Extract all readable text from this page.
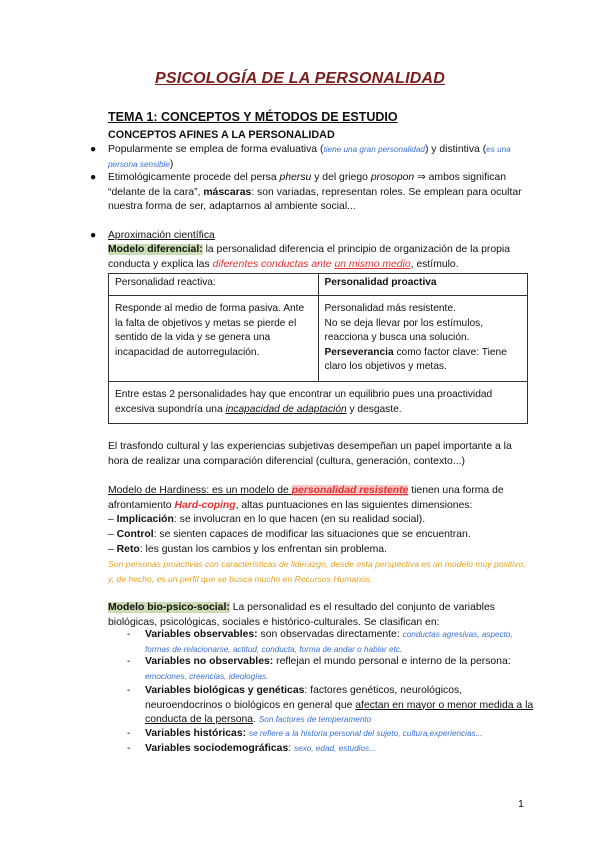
PSICOLOGÍA DE LA PERSONALIDAD
TEMA 1: CONCEPTOS Y MÉTODOS DE ESTUDIO
CONCEPTOS AFINES A LA PERSONALIDAD
●	Popularmente se emplea de forma evaluativa (tiene una gran personalidad) y distintiva (es una persona sensible)
●	Etimológicamente procede del persa phersu y del griego prosopon ⇒ ambos significan “delante de la cara”, máscaras: son variadas, representan roles. Se emplean para ocultar nuestra forma de ser, adaptarnos al ambiente social...
●	Aproximación científica
Modelo diferencial: la personalidad diferencia el principio de organización de la propia conducta y explica las diferentes conductas ante un mismo medio, estímulo.
Personalidad reactiva:	Personalidad proactiva
Responde al medio de forma pasiva. Ante la falta de objetivos y metas se pierde el sentido de la vida y se genera una incapacidad de autorregulación.	Personalidad más resistente.
No se deja llevar por los estímulos, reacciona y busca una solución.
Perseverancia como factor clave: Tiene claro los objetivos y metas.
Entre estas 2 personalidades hay que encontrar un equilibrio pues una proactividad excesiva supondría una incapacidad de adaptación y desgaste.	
El trasfondo cultural y las experiencias subjetivas desempeñan un papel importante a la hora de realizar una comparación diferencial (cultura, generación, contexto...)
Modelo de Hardiness: es un modelo de personalidad resistente tienen una forma de afrontamiento Hard-coping, altas puntuaciones en las siguientes dimensiones:
– Implicación: se involucran en lo que hacen (en su realidad social).
– Control: se sienten capaces de modificar las situaciones que se encuentran.
– Reto: les gustan los cambios y los enfrentan sin problema.
Son personas proactivas con características de liderazgo, desde esta perspectiva es un modelo muy positivo, y, de hecho, es un perfil que se busca mucho en Recursos Humanos.
Modelo bio-psico-social: La personalidad es el resultado del conjunto de variables biológicas, psicológicas, sociales e histórico-culturales. Se clasifican en:
-	Variables observables: son observadas directamente: conductas agresivas, aspecto, formas de relacionarse, actitud, conducta, forma de andar o hablar etc.
-	Variables no observables: reflejan el mundo personal e interno de la persona: emociones, creencias, ideologías.
-	Variables biológicas y genéticas: factores genéticos, neurológicos, neuroendocrinos o biológicos en general que afectan en mayor o menor medida a la conducta de la persona. Son factores de temperamento
-	Variables históricas: se refiere a la historia personal del sujeto, cultura,experiencias...
-	Variables sociodemográficas: sexo, edad, estudios...
1
